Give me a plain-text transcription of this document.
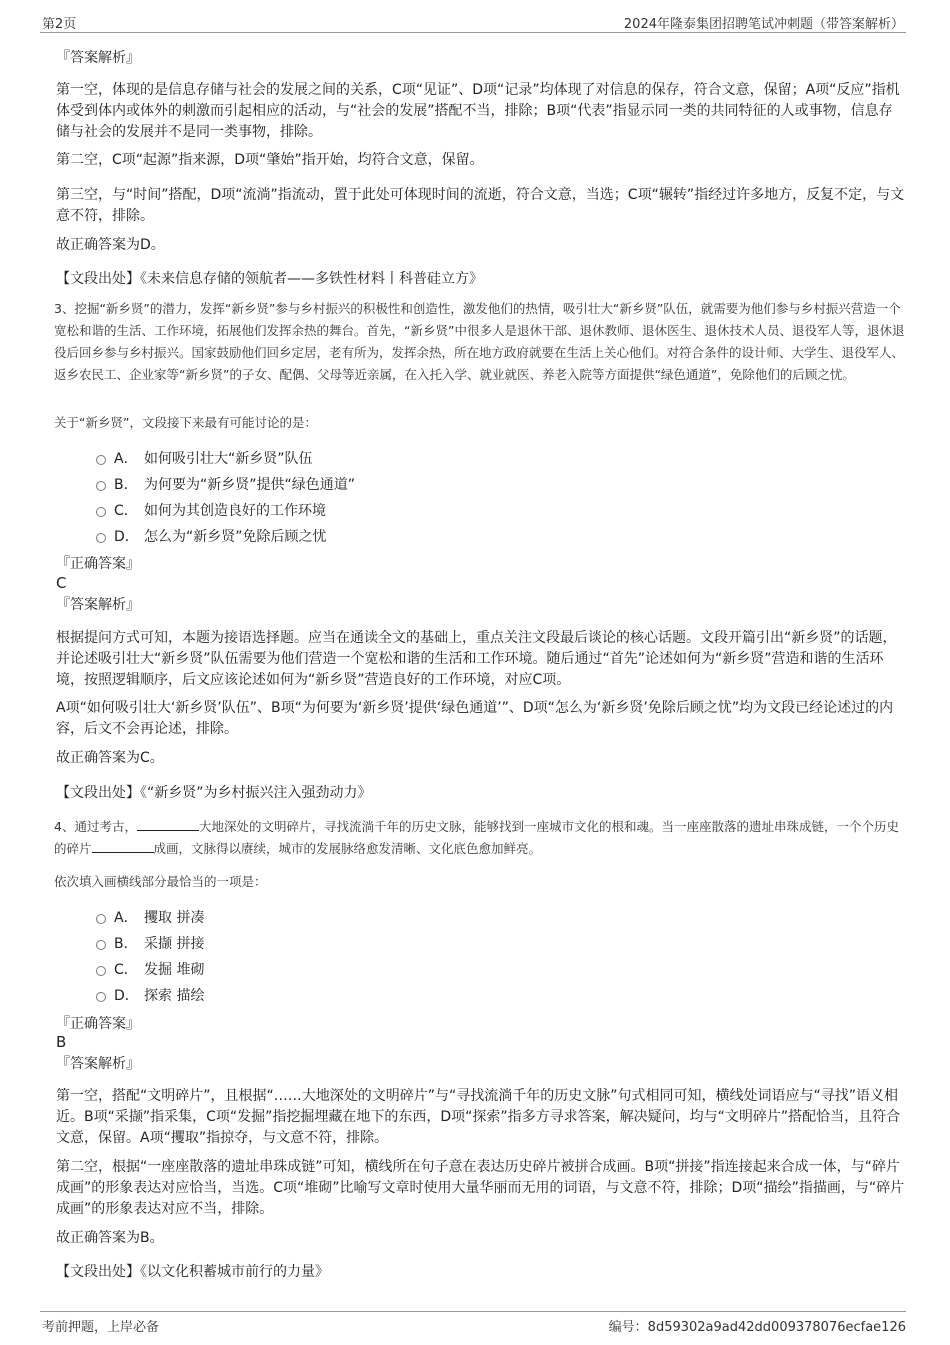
第2页	2024年隆泰集团招聘笔试冲刺题（带答案解析）

『答案解析』

第一空，体现的是信息存储与社会的发展之间的关系，C项“见证”、D项“记录”均体现了对信息的保存，符合文意，保留；A项“反应”指机体受到体内或体外的刺激而引起相应的活动，与“社会的发展”搭配不当，排除；B项“代表”指显示同一类的共同特征的人或事物，信息存储与社会的发展并不是同一类事物，排除。

第二空，C项“起源”指来源，D项“肇始”指开始，均符合文意，保留。

第三空，与“时间”搭配，D项“流淌”指流动，置于此处可体现时间的流逝，符合文意，当选；C项“辗转”指经过许多地方，反复不定，与文意不符，排除。

故正确答案为D。

【文段出处】《未来信息存储的领航者——多铁性材料丨科普硅立方》

3、挖掘“新乡贤”的潜力，发挥“新乡贤”参与乡村振兴的积极性和创造性，激发他们的热情，吸引壮大“新乡贤”队伍，就需要为他们参与乡村振兴营造一个宽松和谐的生活、工作环境，拓展他们发挥余热的舞台。首先，“新乡贤”中很多人是退休干部、退休教师、退休医生、退休技术人员、退役军人等，退休退役后回乡参与乡村振兴。国家鼓励他们回乡定居，老有所为，发挥余热，所在地方政府就要在生活上关心他们。对符合条件的设计师、大学生、退役军人、返乡农民工、企业家等“新乡贤”的子女、配偶、父母等近亲属，在入托入学、就业就医、养老入院等方面提供“绿色通道”，免除他们的后顾之忧。

关于“新乡贤”，文段接下来最有可能讨论的是：

A． 如何吸引壮大“新乡贤”队伍
B． 为何要为“新乡贤”提供“绿色通道”
C． 如何为其创造良好的工作环境
D． 怎么为“新乡贤”免除后顾之忧

『正确答案』

C

『答案解析』

根据提问方式可知，本题为接语选择题。应当在通读全文的基础上，重点关注文段最后谈论的核心话题。文段开篇引出“新乡贤”的话题，并论述吸引壮大“新乡贤”队伍需要为他们营造一个宽松和谐的生活和工作环境。随后通过“首先”论述如何为“新乡贤”营造和谐的生活环境，按照逻辑顺序，后文应该论述如何为“新乡贤”营造良好的工作环境，对应C项。

A项“如何吸引壮大‘新乡贤’队伍”、B项“为何要为‘新乡贤’提供‘绿色通道’”、D项“怎么为‘新乡贤’免除后顾之忧”均为文段已经论述过的内容，后文不会再论述，排除。

故正确答案为C。

【文段出处】《“新乡贤”为乡村振兴注入强劲动力》

4、通过考古，	大地深处的文明碎片，寻找流淌千年的历史文脉，能够找到一座城市文化的根和魂。当一座座散落的遗址串珠成链，一个个历史的碎片	成画，文脉得以赓续，城市的发展脉络愈发清晰、文化底色愈加鲜亮。

依次填入画横线部分最恰当的一项是：

A． 攫取 拼凑
B． 采撷 拼接
C． 发掘 堆砌
D． 探索 描绘

『正确答案』

B

『答案解析』

第一空，搭配“文明碎片”，且根据“……大地深处的文明碎片”与“寻找流淌千年的历史文脉”句式相同可知，横线处词语应与“寻找”语义相近。B项“采撷”指采集，C项“发掘”指挖掘埋藏在地下的东西，D项“探索”指多方寻求答案，解决疑问，均与“文明碎片”搭配恰当，且符合文意，保留。A项“攫取”指掠夺，与文意不符，排除。

第二空，根据“一座座散落的遗址串珠成链”可知，横线所在句子意在表达历史碎片被拼合成画。B项“拼接”指连接起来合成一体，与“碎片成画”的形象表达对应恰当，当选。C项“堆砌”比喻写文章时使用大量华丽而无用的词语，与文意不符，排除；D项“描绘”指描画，与“碎片成画”的形象表达对应不当，排除。

故正确答案为B。

【文段出处】《以文化积蓄城市前行的力量》

考前押题，上岸必备	编号：8d59302a9ad42dd009378076ecfae126
